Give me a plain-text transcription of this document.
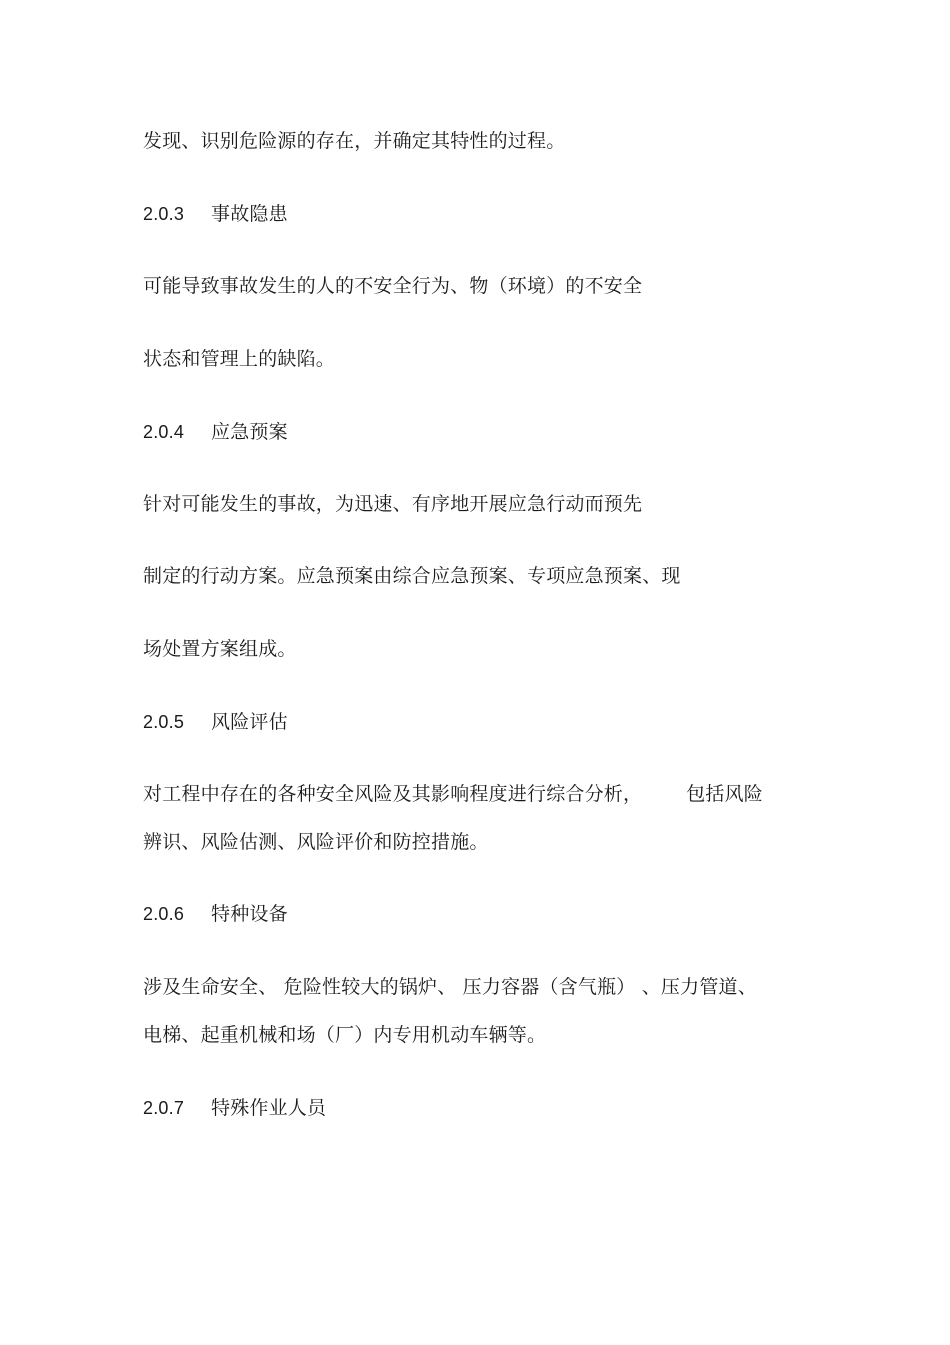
发现、识别危险源的存在，并确定其特性的过程。
2.0.3 事故隐患
可能导致事故发生的人的不安全行为、物（环境）的不安全
状态和管理上的缺陷。
2.0.4 应急预案
针对可能发生的事故，为迅速、有序地开展应急行动而预先
制定的行动方案。应急预案由综合应急预案、专项应急预案、现
场处置方案组成。
2.0.5 风险评估
对工程中存在的各种安全风险及其影响程度进行综合分析， 包括风险
辨识、风险估测、风险评价和防控措施。
2.0.6 特种设备
涉及生命安全、 危险性较大的锅炉、 压力容器（含气瓶） 、压力管道、
电梯、起重机械和场（厂）内专用机动车辆等。
2.0.7 特殊作业人员
